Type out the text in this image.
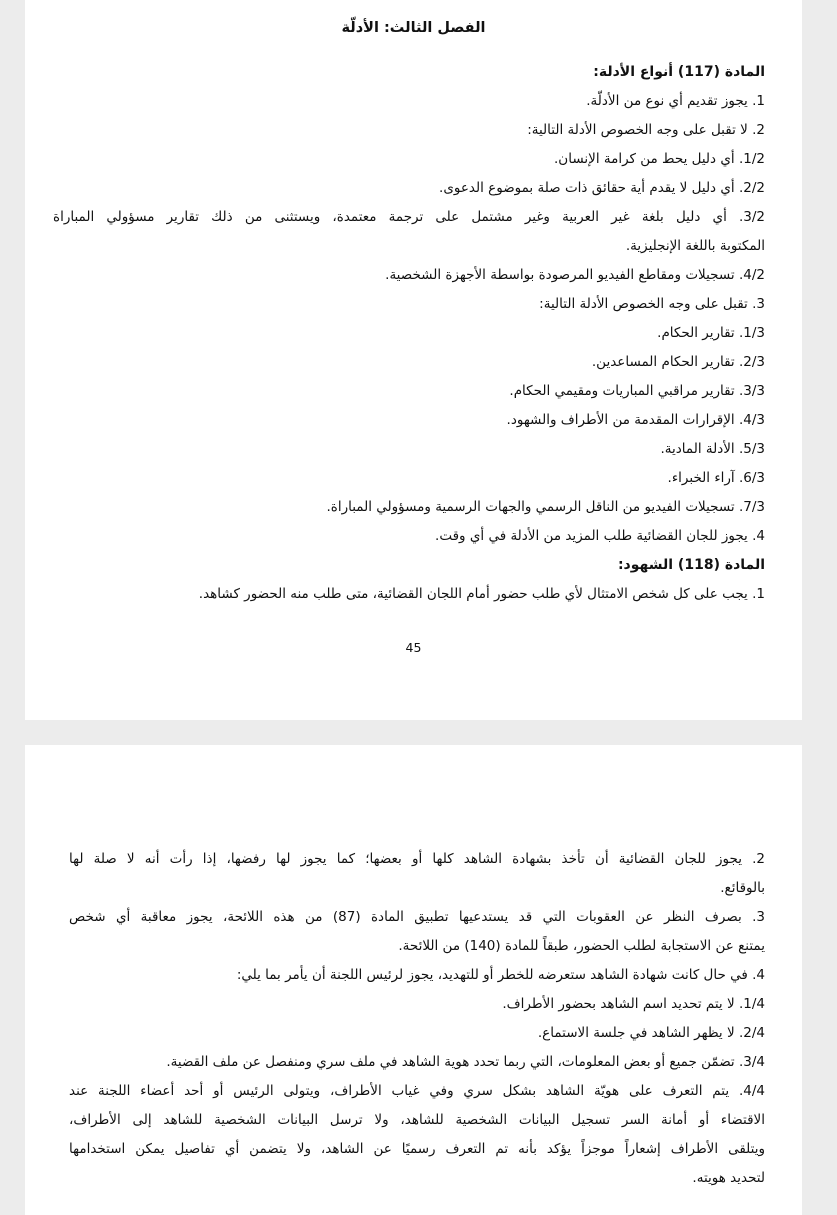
الفصل الثالث: الأدلّة
المادة (117) أنواع الأدلة:
1. يجوز تقديم أي نوع من الأدلّة.
2. لا تقبل على وجه الخصوص الأدلة التالية:
1/2. أي دليل يحط من كرامة الإنسان.
2/2. أي دليل لا يقدم أية حقائق ذات صلة بموضوع الدعوى.
3/2. أي دليل بلغة غير العربية وغير مشتمل على ترجمة معتمدة، ويستثنى من ذلك تقارير مسؤولي المباراة
المكتوبة باللغة الإنجليزية.
4/2. تسجيلات ومقاطع الفيديو المرصودة بواسطة الأجهزة الشخصية.
3. تقبل على وجه الخصوص الأدلة التالية:
1/3. تقارير الحكام.
2/3. تقارير الحكام المساعدين.
3/3. تقارير مراقبي المباريات ومقيمي الحكام.
4/3. الإقرارات المقدمة من الأطراف والشهود.
5/3. الأدلة المادية.
6/3. آراء الخبراء.
7/3. تسجيلات الفيديو من الناقل الرسمي والجهات الرسمية ومسؤولي المباراة.
4. يجوز للجان القضائية طلب المزيد من الأدلة في أي وقت.
المادة (118) الشهود:
1. يجب على كل شخص الامتثال لأي طلب حضور أمام اللجان القضائية، متى طلب منه الحضور كشاهد.
45
2. يجوز للجان القضائية أن تأخذ بشهادة الشاهد كلها أو بعضها؛ كما يجوز لها رفضها، إذا رأت أنه لا صلة لها
بالوقائع.
3. بصرف النظر عن العقوبات التي قد يستدعيها تطبيق المادة (87) من هذه اللائحة، يجوز معاقبة أي شخص
يمتنع عن الاستجابة لطلب الحضور، طبقاً للمادة (140) من اللائحة.
4. في حال كانت شهادة الشاهد ستعرضه للخطر أو للتهديد، يجوز لرئيس اللجنة أن يأمر بما يلي:
1/4. لا يتم تحديد اسم الشاهد بحضور الأطراف.
2/4. لا يظهر الشاهد في جلسة الاستماع.
3/4. تضمّن جميع أو بعض المعلومات، التي ربما تحدد هوية الشاهد في ملف سري ومنفصل عن ملف القضية.
4/4. يتم التعرف على هويّة الشاهد بشكل سري وفي غياب الأطراف، ويتولى الرئيس أو أحد أعضاء اللجنة عند
الاقتضاء أو أمانة السر تسجيل البيانات الشخصية للشاهد، ولا ترسل البيانات الشخصية للشاهد إلى الأطراف،
ويتلقى الأطراف إشعاراً موجزاً يؤكد بأنه تم التعرف رسميًا عن الشاهد، ولا يتضمن أي تفاصيل يمكن استخدامها
لتحديد هويته.
